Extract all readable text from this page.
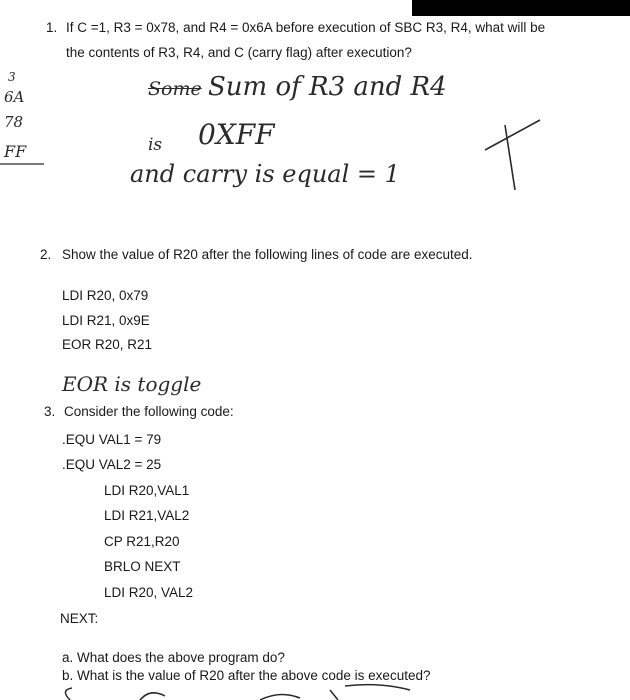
1. If C =1, R3 = 0x78, and R4 = 0x6A before execution of SBC R3, R4, what will be
the contents of R3, R4, and C (carry flag) after execution?
3
6A
78
FF
Some Sum of R3 and R4
is 0XFF
and carry is equal = 1
2. Show the value of R20 after the following lines of code are executed.
LDI R20, 0x79
LDI R21, 0x9E
EOR R20, R21
EOR is toggle
3. Consider the following code:
.EQU VAL1 = 79
.EQU VAL2 = 25
LDI R20,VAL1
LDI R21,VAL2
CP R21,R20
BRLO NEXT
LDI R20, VAL2
NEXT:
a. What does the above program do?
b. What is the value of R20 after the above code is executed?
